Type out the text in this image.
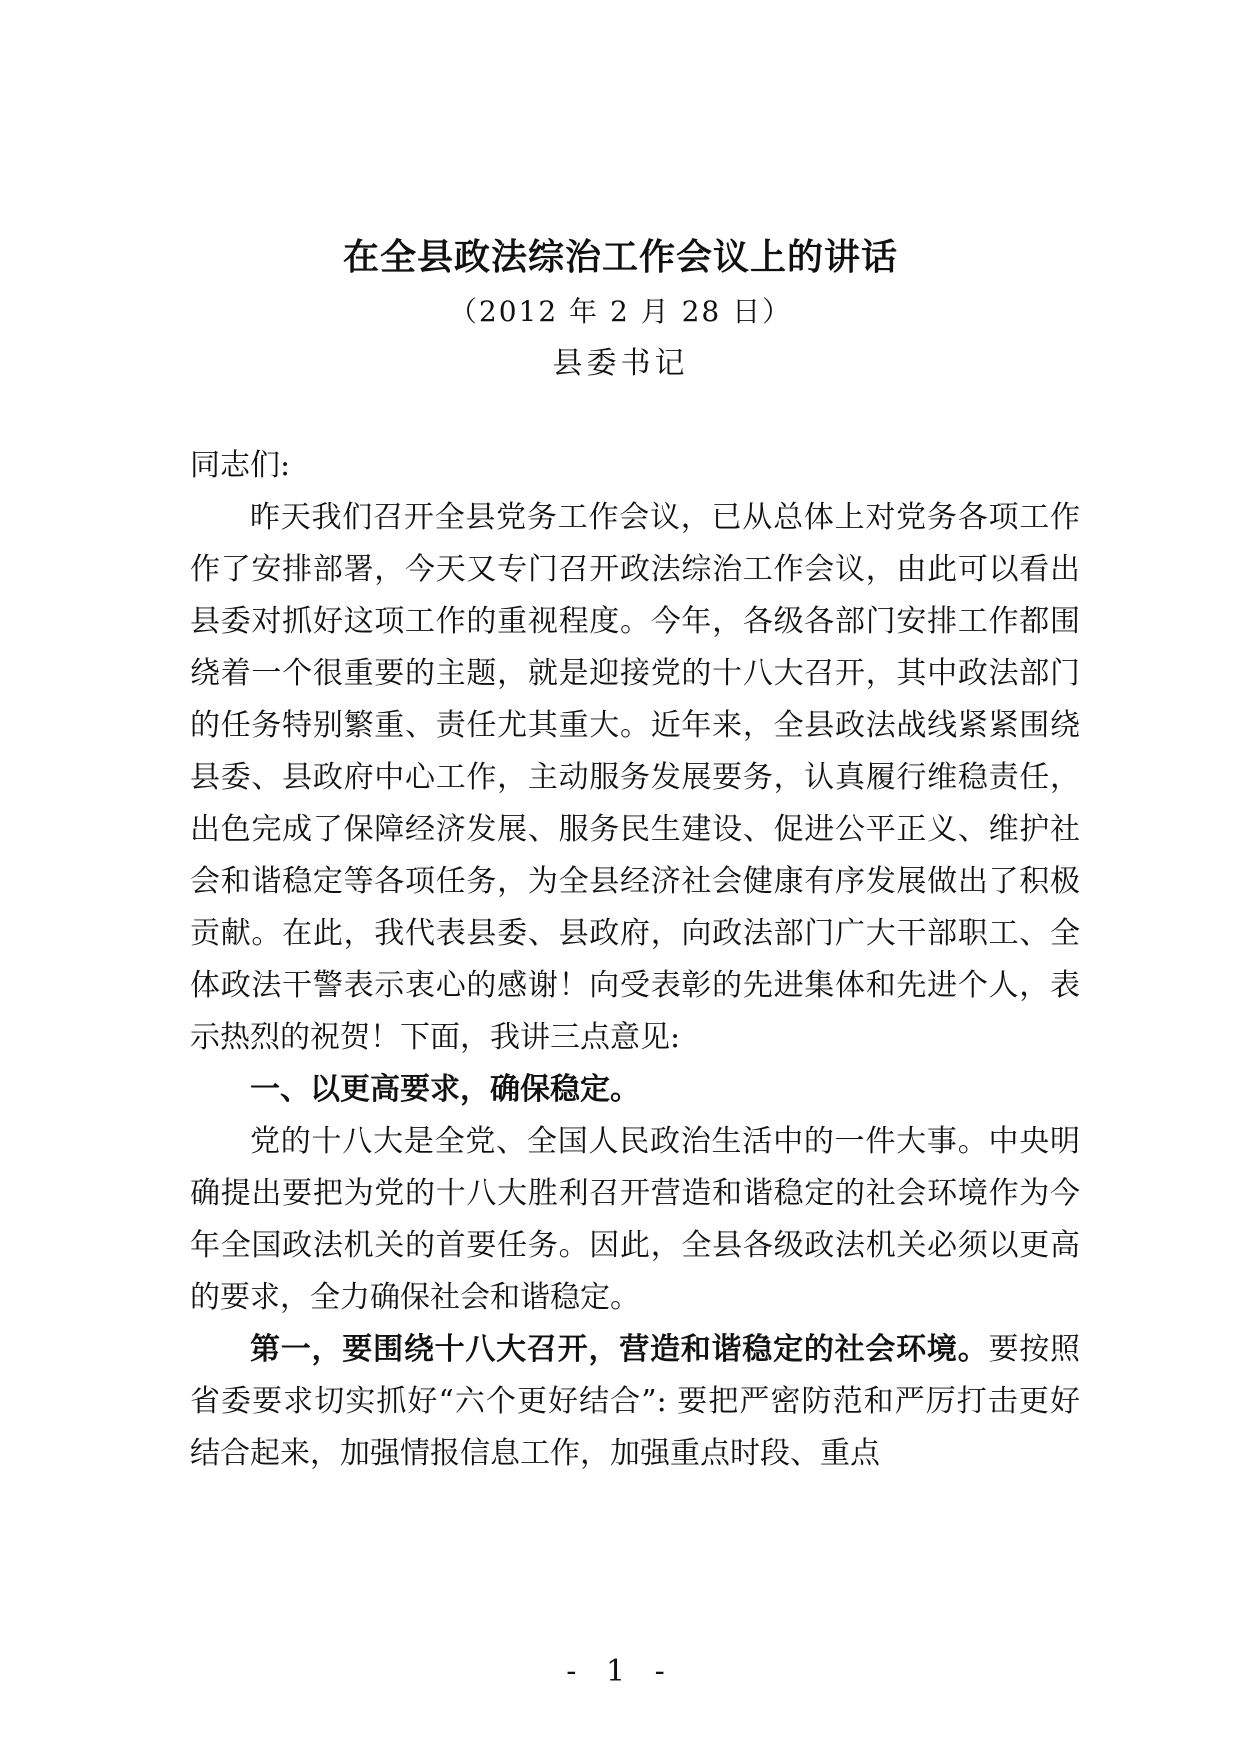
在全县政法综治工作会议上的讲话
（2012 年 2 月 28 日）
县委书记

同志们:

昨天我们召开全县党务工作会议，已从总体上对党务各项工作作了安排部署，今天又专门召开政法综治工作会议，由此可以看出县委对抓好这项工作的重视程度。今年，各级各部门安排工作都围绕着一个很重要的主题，就是迎接党的十八大召开，其中政法部门的任务特别繁重、责任尤其重大。近年来，全县政法战线紧紧围绕县委、县政府中心工作，主动服务发展要务，认真履行维稳责任，出色完成了保障经济发展、服务民生建设、促进公平正义、维护社会和谐稳定等各项任务，为全县经济社会健康有序发展做出了积极贡献。在此，我代表县委、县政府，向政法部门广大干部职工、全体政法干警表示衷心的感谢！向受表彰的先进集体和先进个人，表示热烈的祝贺！下面，我讲三点意见:

一、以更高要求，确保稳定。

党的十八大是全党、全国人民政治生活中的一件大事。中央明确提出要把为党的十八大胜利召开营造和谐稳定的社会环境作为今年全国政法机关的首要任务。因此，全县各级政法机关必须以更高的要求，全力确保社会和谐稳定。

第一，要围绕十八大召开，营造和谐稳定的社会环境。要按照省委要求切实抓好“六个更好结合”: 要把严密防范和严厉打击更好结合起来，加强情报信息工作，加强重点时段、重点

- 1 -
